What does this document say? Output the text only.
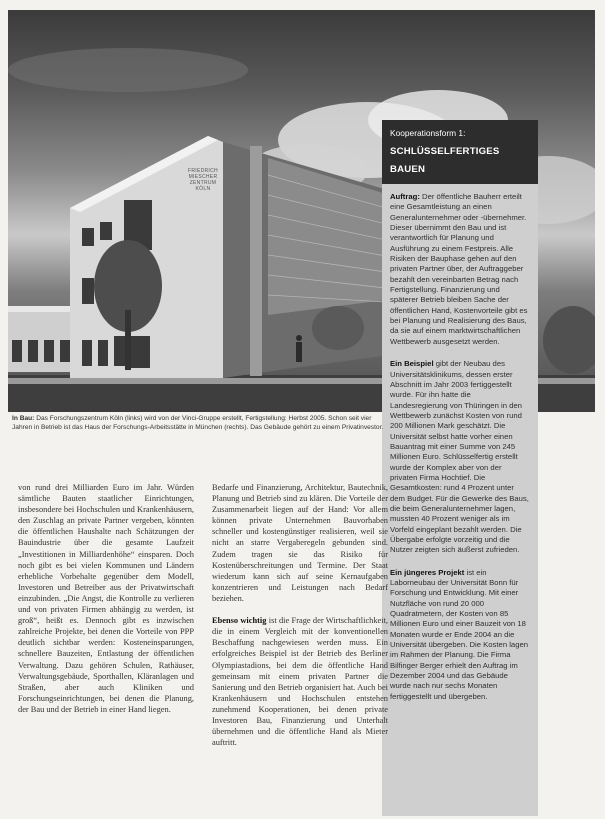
FRIEDRICH
MIESCHER
ZENTRUM
KÖLN
Kooperationsform 1:
SCHLÜSSELFERTIGES BAUEN

Auftrag: Der öffentliche Bauherr erteilt eine Gesamtleistung an einen Generalunternehmer oder -übernehmer. Dieser übernimmt den Bau und ist verantwortlich für Planung und Ausführung zu einem Festpreis. Alle Risiken der Bauphase gehen auf den privaten Partner über, der Auftraggeber bezahlt den vereinbarten Betrag nach Fertigstellung. Finanzierung und späterer Betrieb bleiben Sache der öffentlichen Hand, Kostenvorteile gibt es bei Planung und Realisierung des Baus, da sie auf einem marktwirtschaftlichen Wettbewerb ausgesetzt werden.

Ein Beispiel gibt der Neubau des Universitätsklinikums, dessen erster Abschnitt im Jahr 2003 fertiggestellt wurde. Für ihn hatte die Landesregierung von Thüringen in den Wettbewerb zunächst Kosten von rund 200 Millionen Mark geschätzt. Die Universität selbst hatte vorher einen Bauantrag mit einer Summe von 245 Millionen Euro. Schlüsselfertig erstellt wurde der Komplex aber von der privaten Firma Hochtief. Die Gesamtkosten: rund 4 Prozent unter dem Budget. Für die Gewerke des Baus, die beim Generalunternehmer lagen, mussten 40 Prozent weniger als im Vorfeld eingeplant bezahlt werden. Die Übergabe erfolgte vorzeitig und die Nutzer zeigten sich äußerst zufrieden.

Ein jüngeres Projekt ist ein Laborneubau der Universität Bonn für Forschung und Entwicklung. Mit einer Nutzfläche von rund 20 000 Quadratmetern, der Kosten von 85 Millionen Euro und einer Bauzeit von 18 Monaten wurde er Ende 2004 an die Universität übergeben. Die Kosten lagen im Rahmen der Planung. Die Firma Bilfinger Berger erhielt den Auftrag im Dezember 2004 und das Gebäude wurde nach nur sechs Monaten fertiggestellt und übergeben.

In Bau: Das Forschungszentrum Köln (links) wird von der Vinci-Gruppe erstellt, Fertigstellung: Herbst 2005. Schon seit vier Jahren in Betrieb ist das Haus der Forschungs-Arbeitsstätte in München (rechts). Das Gebäude gehört zu einem Privatinvestor.
von rund drei Milliarden Euro im Jahr. Würden sämtliche Bauten staatlicher Einrichtungen, insbesondere bei Hochschulen und Krankenhäusern, den Zuschlag an private Partner vergeben, könnten die öffentlichen Haushalte nach Schätzungen der Bauindustrie über die gesamte Laufzeit „Investitionen in Milliardenhöhe“ einsparen. Doch noch gibt es bei vielen Kommunen und Ländern erhebliche Vorbehalte gegenüber dem Modell, Investoren und Betreiber aus der Privatwirtschaft einzubinden. „Die Angst, die Kontrolle zu verlieren und von privaten Firmen abhängig zu werden, ist groß“, heißt es. Dennoch gibt es inzwischen zahlreiche Projekte, bei denen die Vorteile von PPP deutlich sichtbar werden: Kosteneinsparungen, schnellere Bauzeiten, Entlastung der öffentlichen Verwaltung. Dazu gehören Schulen, Rathäuser, Verwaltungsgebäude, Sporthallen, Kläranlagen und Straßen, aber auch Kliniken und Forschungseinrichtungen, bei denen die Planung, der Bau und der Betrieb in einer Hand liegen.
Bedarfe und Finanzierung, Architektur, Bautechnik, Planung und Betrieb sind zu klären. Die Vorteile der Zusammenarbeit liegen auf der Hand: Vor allem können private Unternehmen Bauvorhaben schneller und kostengünstiger realisieren, weil sie nicht an starre Vergaberegeln gebunden sind. Zudem tragen sie das Risiko für Kostenüberschreitungen und Termine. Der Staat wiederum kann sich auf seine Kernaufgaben konzentrieren und Leistungen nach Bedarf beziehen.

Ebenso wichtig ist die Frage der Wirtschaftlichkeit, die in einem Vergleich mit der konventionellen Beschaffung nachgewiesen werden muss. Ein erfolgreiches Beispiel ist der Betrieb des Berliner Olympiastadions, bei dem die öffentliche Hand gemeinsam mit einem privaten Partner die Sanierung und den Betrieb organisiert hat. Auch bei Krankenhäusern und Hochschulen entstehen zunehmend Kooperationen, bei denen private Investoren Bau, Finanzierung und Unterhalt übernehmen und die öffentliche Hand als Mieter auftritt.
